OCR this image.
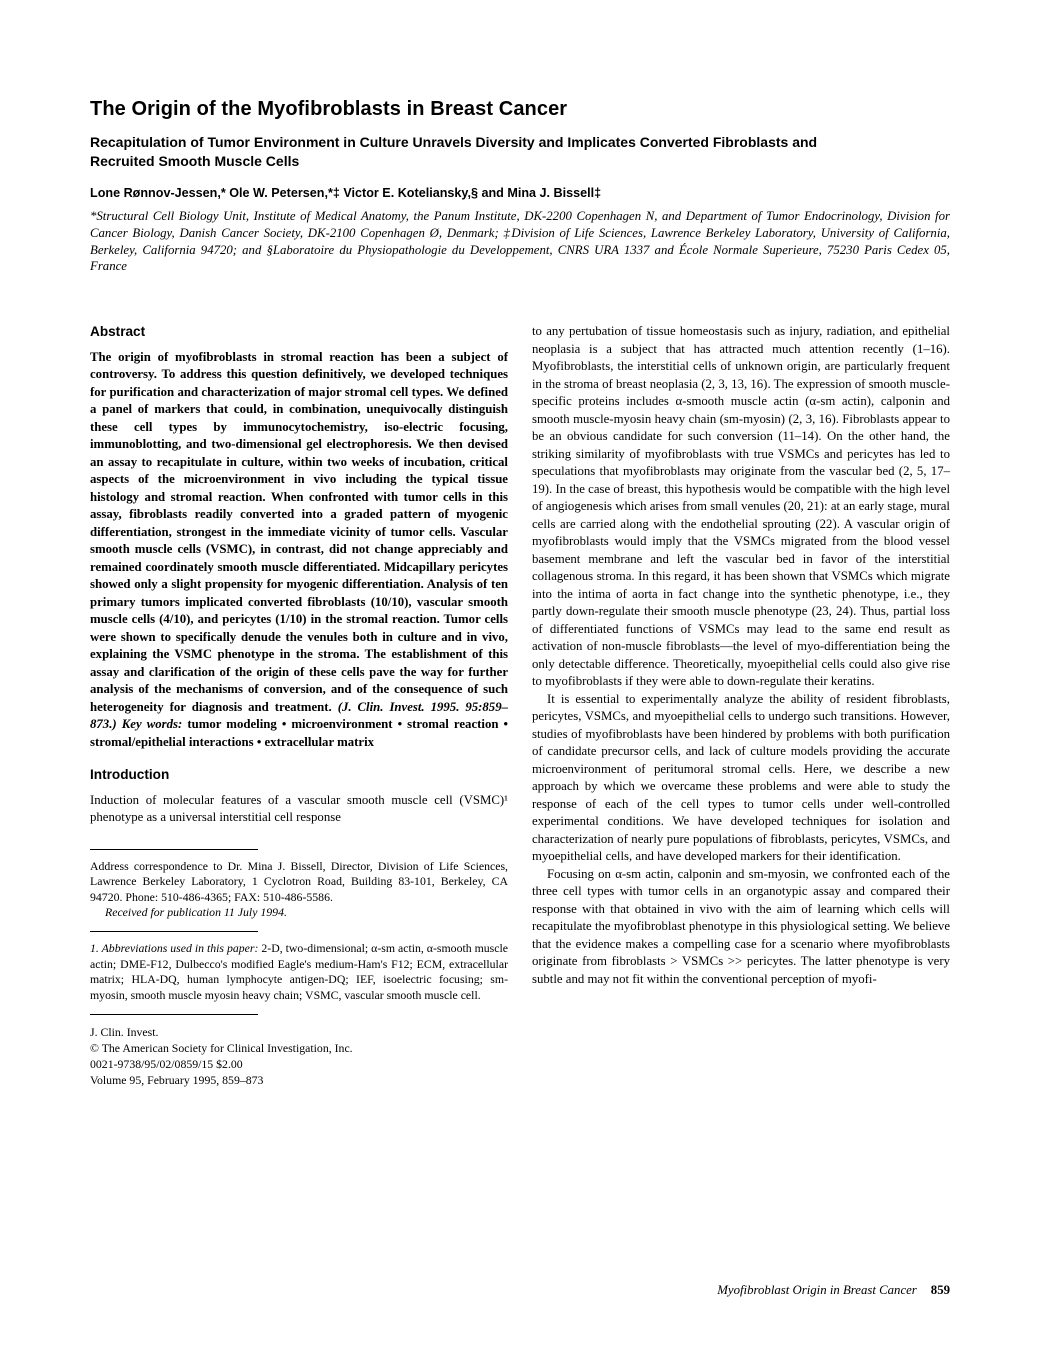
The Origin of the Myofibroblasts in Breast Cancer
Recapitulation of Tumor Environment in Culture Unravels Diversity and Implicates Converted Fibroblasts and Recruited Smooth Muscle Cells

Lone Rønnov-Jessen,* Ole W. Petersen,*‡ Victor E. Koteliansky,§ and Mina J. Bissell‡

*Structural Cell Biology Unit, Institute of Medical Anatomy, the Panum Institute, DK-2200 Copenhagen N, and Department of Tumor Endocrinology, Division for Cancer Biology, Danish Cancer Society, DK-2100 Copenhagen Ø, Denmark; ‡Division of Life Sciences, Lawrence Berkeley Laboratory, University of California, Berkeley, California 94720; and §Laboratoire du Physiopathologie du Developpement, CNRS URA 1337 and École Normale Superieure, 75230 Paris Cedex 05, France

Abstract

The origin of myofibroblasts in stromal reaction has been a subject of controversy. To address this question definitively, we developed techniques for purification and characterization of major stromal cell types. We defined a panel of markers that could, in combination, unequivocally distinguish these cell types by immunocytochemistry, iso-electric focusing, immunoblotting, and two-dimensional gel electrophoresis. We then devised an assay to recapitulate in culture, within two weeks of incubation, critical aspects of the microenvironment in vivo including the typical tissue histology and stromal reaction. When confronted with tumor cells in this assay, fibroblasts readily converted into a graded pattern of myogenic differentiation, strongest in the immediate vicinity of tumor cells. Vascular smooth muscle cells (VSMC), in contrast, did not change appreciably and remained coordinately smooth muscle differentiated. Midcapillary pericytes showed only a slight propensity for myogenic differentiation. Analysis of ten primary tumors implicated converted fibroblasts (10/10), vascular smooth muscle cells (4/10), and pericytes (1/10) in the stromal reaction. Tumor cells were shown to specifically denude the venules both in culture and in vivo, explaining the VSMC phenotype in the stroma. The establishment of this assay and clarification of the origin of these cells pave the way for further analysis of the mechanisms of conversion, and of the consequence of such heterogeneity for diagnosis and treatment. (J. Clin. Invest. 1995. 95:859–873.) Key words: tumor modeling • microenvironment • stromal reaction • stromal/epithelial interactions • extracellular matrix

Introduction

Induction of molecular features of a vascular smooth muscle cell (VSMC)¹ phenotype as a universal interstitial cell response

Address correspondence to Dr. Mina J. Bissell, Director, Division of Life Sciences, Lawrence Berkeley Laboratory, 1 Cyclotron Road, Building 83-101, Berkeley, CA 94720. Phone: 510-486-4365; FAX: 510-486-5586.

Received for publication 11 July 1994.

1. Abbreviations used in this paper: 2-D, two-dimensional; α-sm actin, α-smooth muscle actin; DME-F12, Dulbecco's modified Eagle's medium-Ham's F12; ECM, extracellular matrix; HLA-DQ, human lymphocyte antigen-DQ; IEF, isoelectric focusing; sm-myosin, smooth muscle myosin heavy chain; VSMC, vascular smooth muscle cell.

J. Clin. Invest.

© The American Society for Clinical Investigation, Inc.

0021-9738/95/02/0859/15 $2.00

Volume 95, February 1995, 859–873

to any pertubation of tissue homeostasis such as injury, radiation, and epithelial neoplasia is a subject that has attracted much attention recently (1–16). Myofibroblasts, the interstitial cells of unknown origin, are particularly frequent in the stroma of breast neoplasia (2, 3, 13, 16). The expression of smooth muscle-specific proteins includes α-smooth muscle actin (α-sm actin), calponin and smooth muscle-myosin heavy chain (sm-myosin) (2, 3, 16). Fibroblasts appear to be an obvious candidate for such conversion (11–14). On the other hand, the striking similarity of myofibroblasts with true VSMCs and pericytes has led to speculations that myofibroblasts may originate from the vascular bed (2, 5, 17–19). In the case of breast, this hypothesis would be compatible with the high level of angiogenesis which arises from small venules (20, 21): at an early stage, mural cells are carried along with the endothelial sprouting (22). A vascular origin of myofibroblasts would imply that the VSMCs migrated from the blood vessel basement membrane and left the vascular bed in favor of the interstitial collagenous stroma. In this regard, it has been shown that VSMCs which migrate into the intima of aorta in fact change into the synthetic phenotype, i.e., they partly down-regulate their smooth muscle phenotype (23, 24). Thus, partial loss of differentiated functions of VSMCs may lead to the same end result as activation of non-muscle fibroblasts—the level of myo-differentiation being the only detectable difference. Theoretically, myoepithelial cells could also give rise to myofibroblasts if they were able to down-regulate their keratins.

It is essential to experimentally analyze the ability of resident fibroblasts, pericytes, VSMCs, and myoepithelial cells to undergo such transitions. However, studies of myofibroblasts have been hindered by problems with both purification of candidate precursor cells, and lack of culture models providing the accurate microenvironment of peritumoral stromal cells. Here, we describe a new approach by which we overcame these problems and were able to study the response of each of the cell types to tumor cells under well-controlled experimental conditions. We have developed techniques for isolation and characterization of nearly pure populations of fibroblasts, pericytes, VSMCs, and myoepithelial cells, and have developed markers for their identification.

Focusing on α-sm actin, calponin and sm-myosin, we confronted each of the three cell types with tumor cells in an organotypic assay and compared their response with that obtained in vivo with the aim of learning which cells will recapitulate the myofibroblast phenotype in this physiological setting. We believe that the evidence makes a compelling case for a scenario where myofibroblasts originate from fibroblasts > VSMCs >> pericytes. The latter phenotype is very subtle and may not fit within the conventional perception of myofi-

Myofibroblast Origin in Breast Cancer 859
